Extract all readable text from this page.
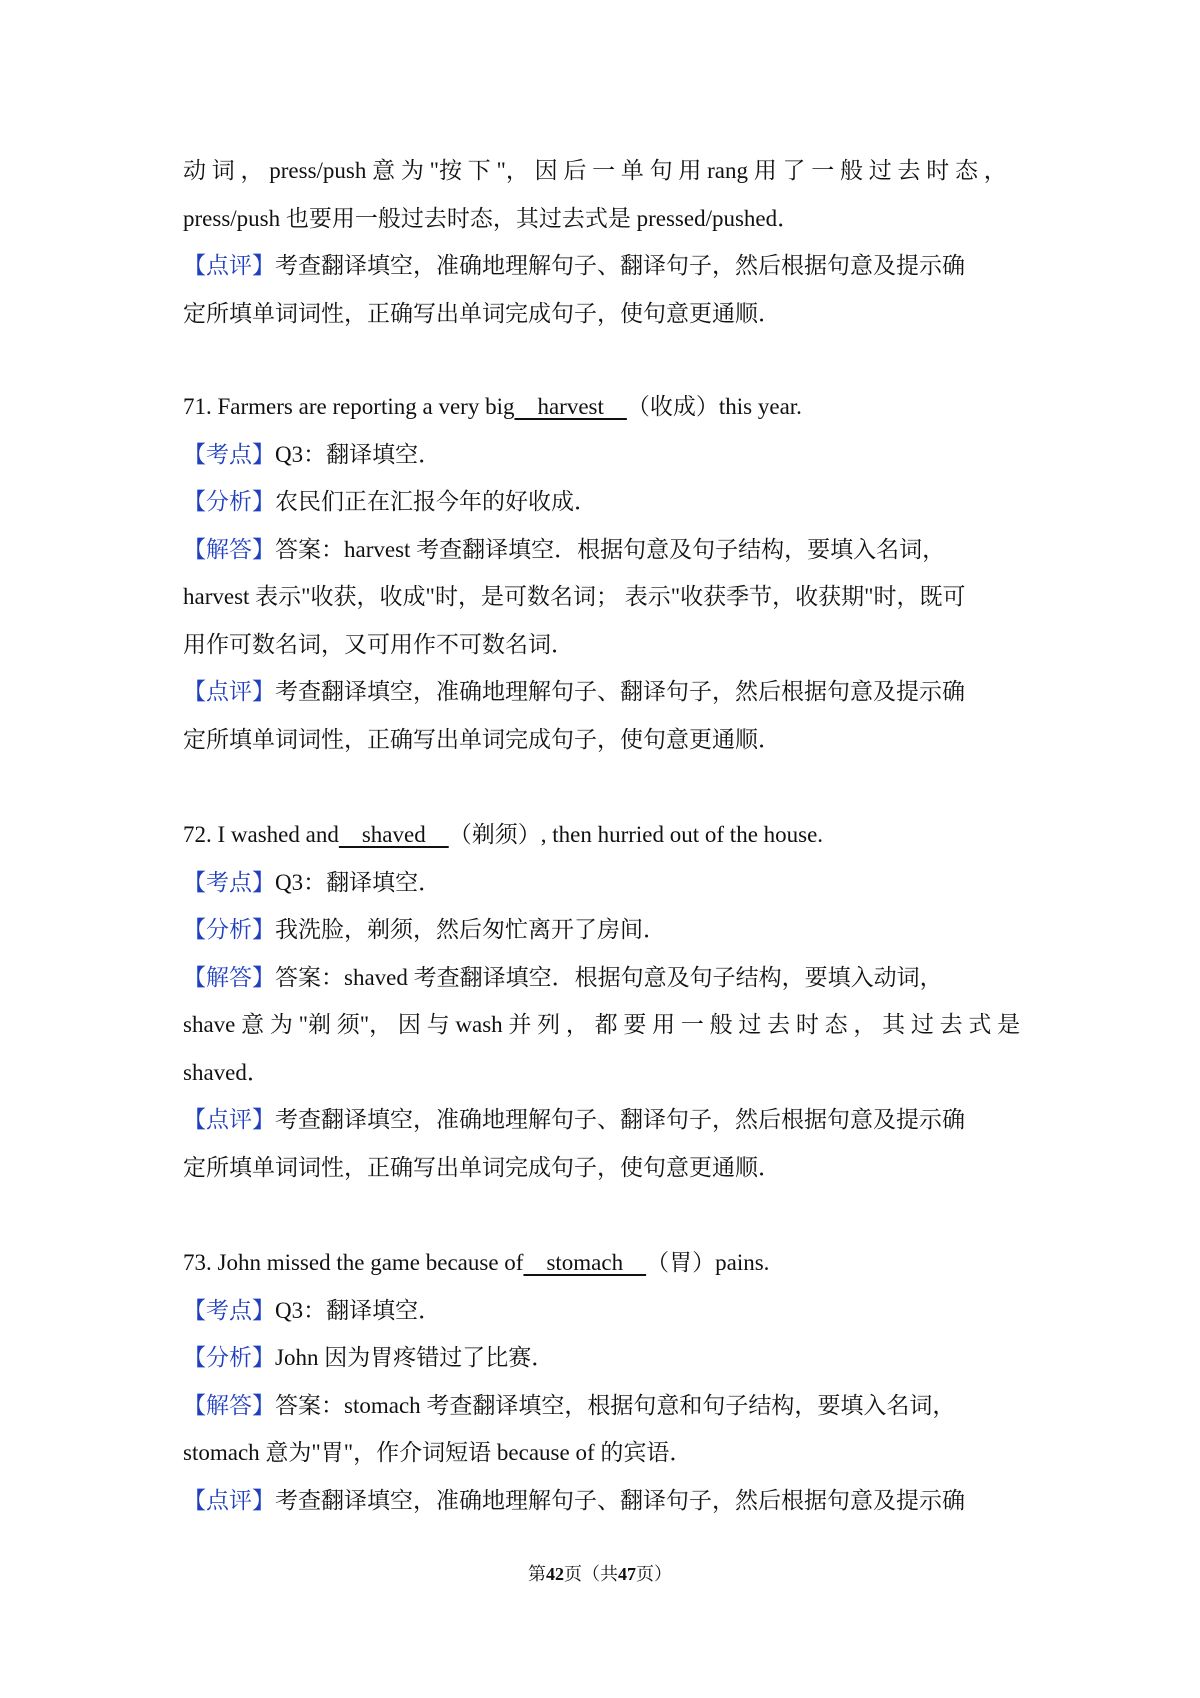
动 词 ， press/push 意 为 "按 下 "， 因 后 一 单 句 用 rang 用 了 一 般 过 去 时 态 ，
press/push 也要用一般过去时态，其过去式是 pressed/pushed．
【点评】考查翻译填空，准确地理解句子、翻译句子，然后根据句意及提示确
定所填单词词性，正确写出单词完成句子，使句意更通顺．
71. Farmers are reporting a very big    harvest    （收成）this year.
【考点】Q3：翻译填空．
【分析】农民们正在汇报今年的好收成．
【解答】答案：harvest 考查翻译填空．根据句意及句子结构，要填入名词，
harvest 表示"收获，收成"时，是可数名词； 表示"收获季节，收获期"时，既可
用作可数名词，又可用作不可数名词．
【点评】考查翻译填空，准确地理解句子、翻译句子，然后根据句意及提示确
定所填单词词性，正确写出单词完成句子，使句意更通顺．
72. I washed and    shaved    （剃须）, then hurried out of the house.
【考点】Q3：翻译填空．
【分析】我洗脸，剃须，然后匆忙离开了房间．
【解答】答案：shaved 考查翻译填空．根据句意及句子结构，要填入动词，
shave 意 为 "剃 须"， 因 与 wash 并 列 ， 都 要 用 一 般 过 去 时 态 ， 其 过 去 式 是
shaved．
【点评】考查翻译填空，准确地理解句子、翻译句子，然后根据句意及提示确
定所填单词词性，正确写出单词完成句子，使句意更通顺．
73. John missed the game because of    stomach    （胃）pains.
【考点】Q3：翻译填空．
【分析】John 因为胃疼错过了比赛．
【解答】答案：stomach 考查翻译填空，根据句意和句子结构，要填入名词，
stomach 意为"胃"，作介词短语 because of 的宾语．
【点评】考查翻译填空，准确地理解句子、翻译句子，然后根据句意及提示确
第42页（共47页）
